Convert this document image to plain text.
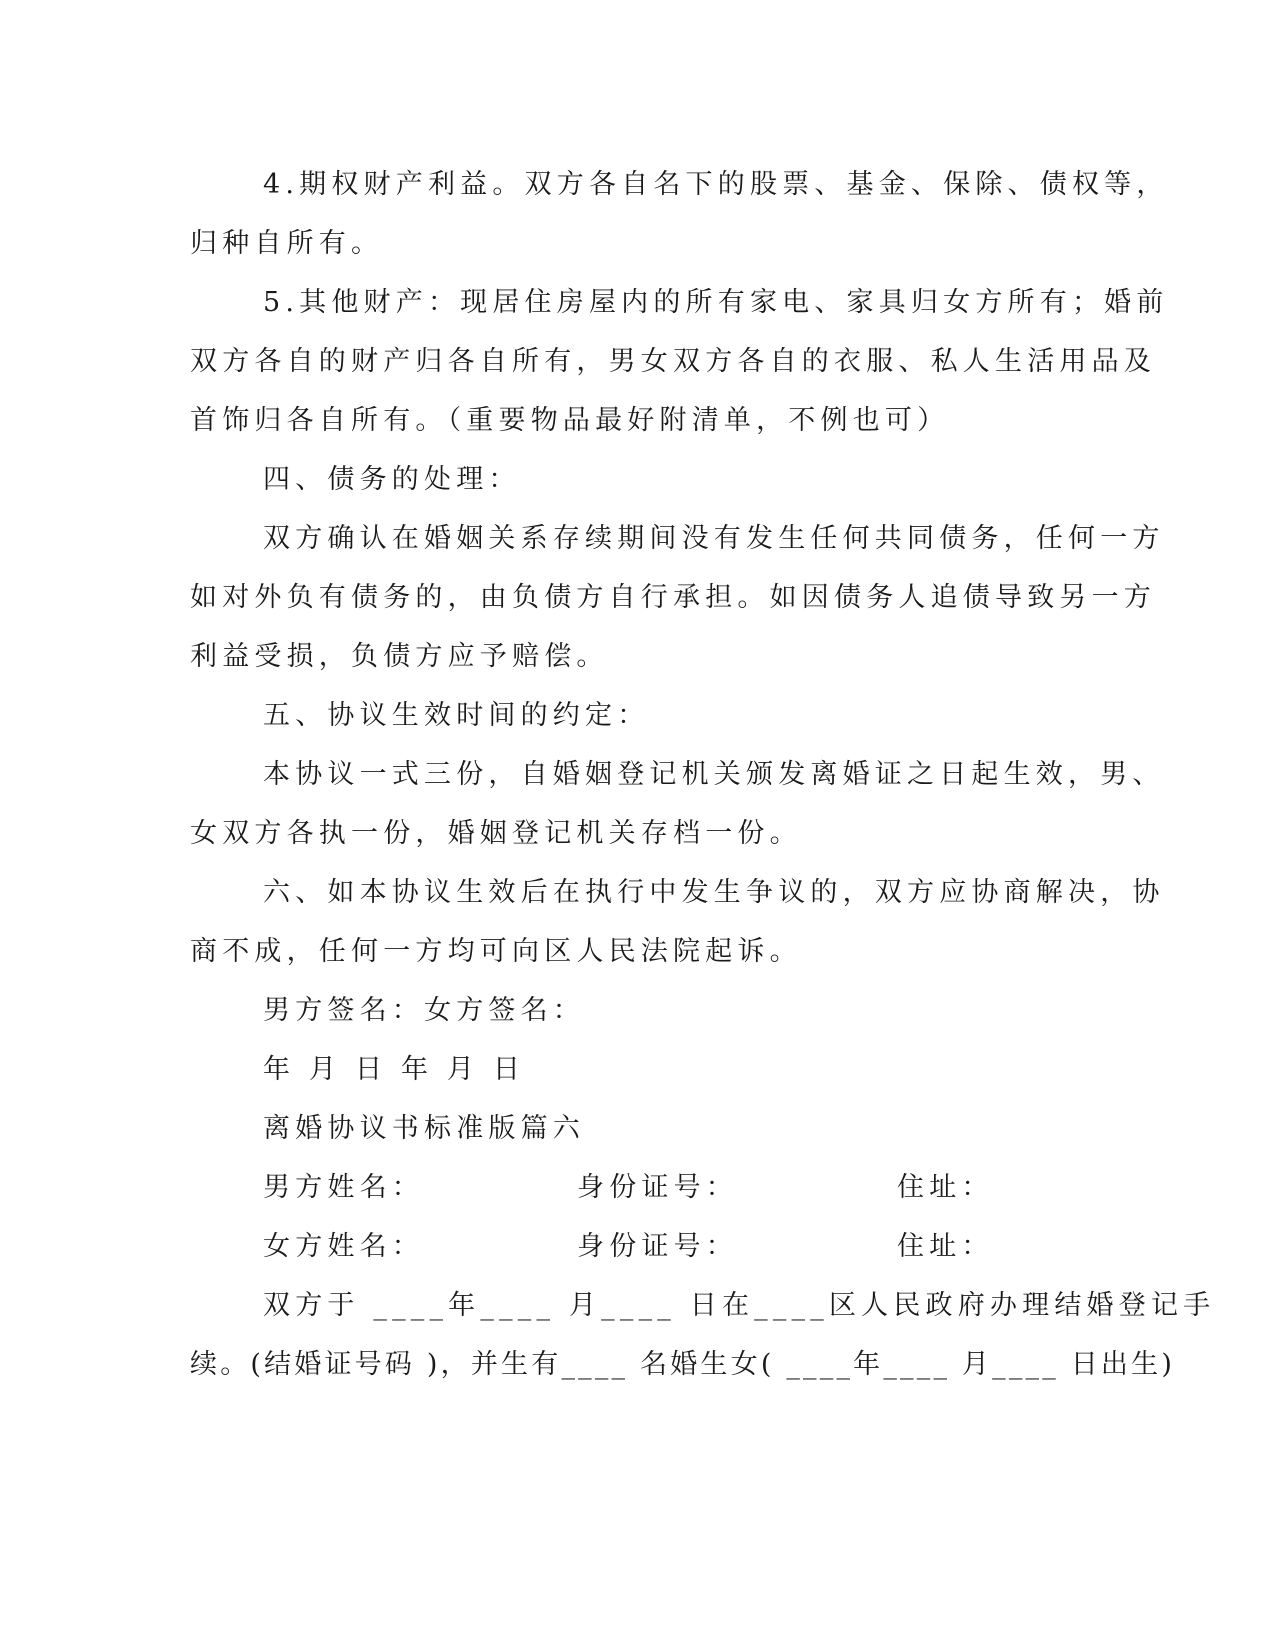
4.期权财产利益。双方各自名下的股票、基金、保除、债权等，
归种自所有。
5.其他财产：现居住房屋内的所有家电、家具归女方所有；婚前
双方各自的财产归各自所有，男女双方各自的衣服、私人生活用品及
首饰归各自所有。（重要物品最好附清单，不例也可）
四、债务的处理：
双方确认在婚姻关系存续期间没有发生任何共同债务，任何一方
如对外负有债务的，由负债方自行承担。如因债务人追债导致另一方
利益受损，负债方应予赔偿。
五、协议生效时间的约定：
本协议一式三份，自婚姻登记机关颁发离婚证之日起生效，男、
女双方各执一份，婚姻登记机关存档一份。
六、如本协议生效后在执行中发生争议的，双方应协商解决，协
商不成，任何一方均可向区人民法院起诉。
男方签名：女方签名：
年 月 日 年 月 日
离婚协议书标准版篇六
男方姓名：	身份证号：	住址：
女方姓名：	身份证号：	住址：
双方于 ____年____ 月____ 日在____区人民政府办理结婚登记手
续。(结婚证号码 )，并生有____ 名婚生女( ____年____ 月____ 日出生)
